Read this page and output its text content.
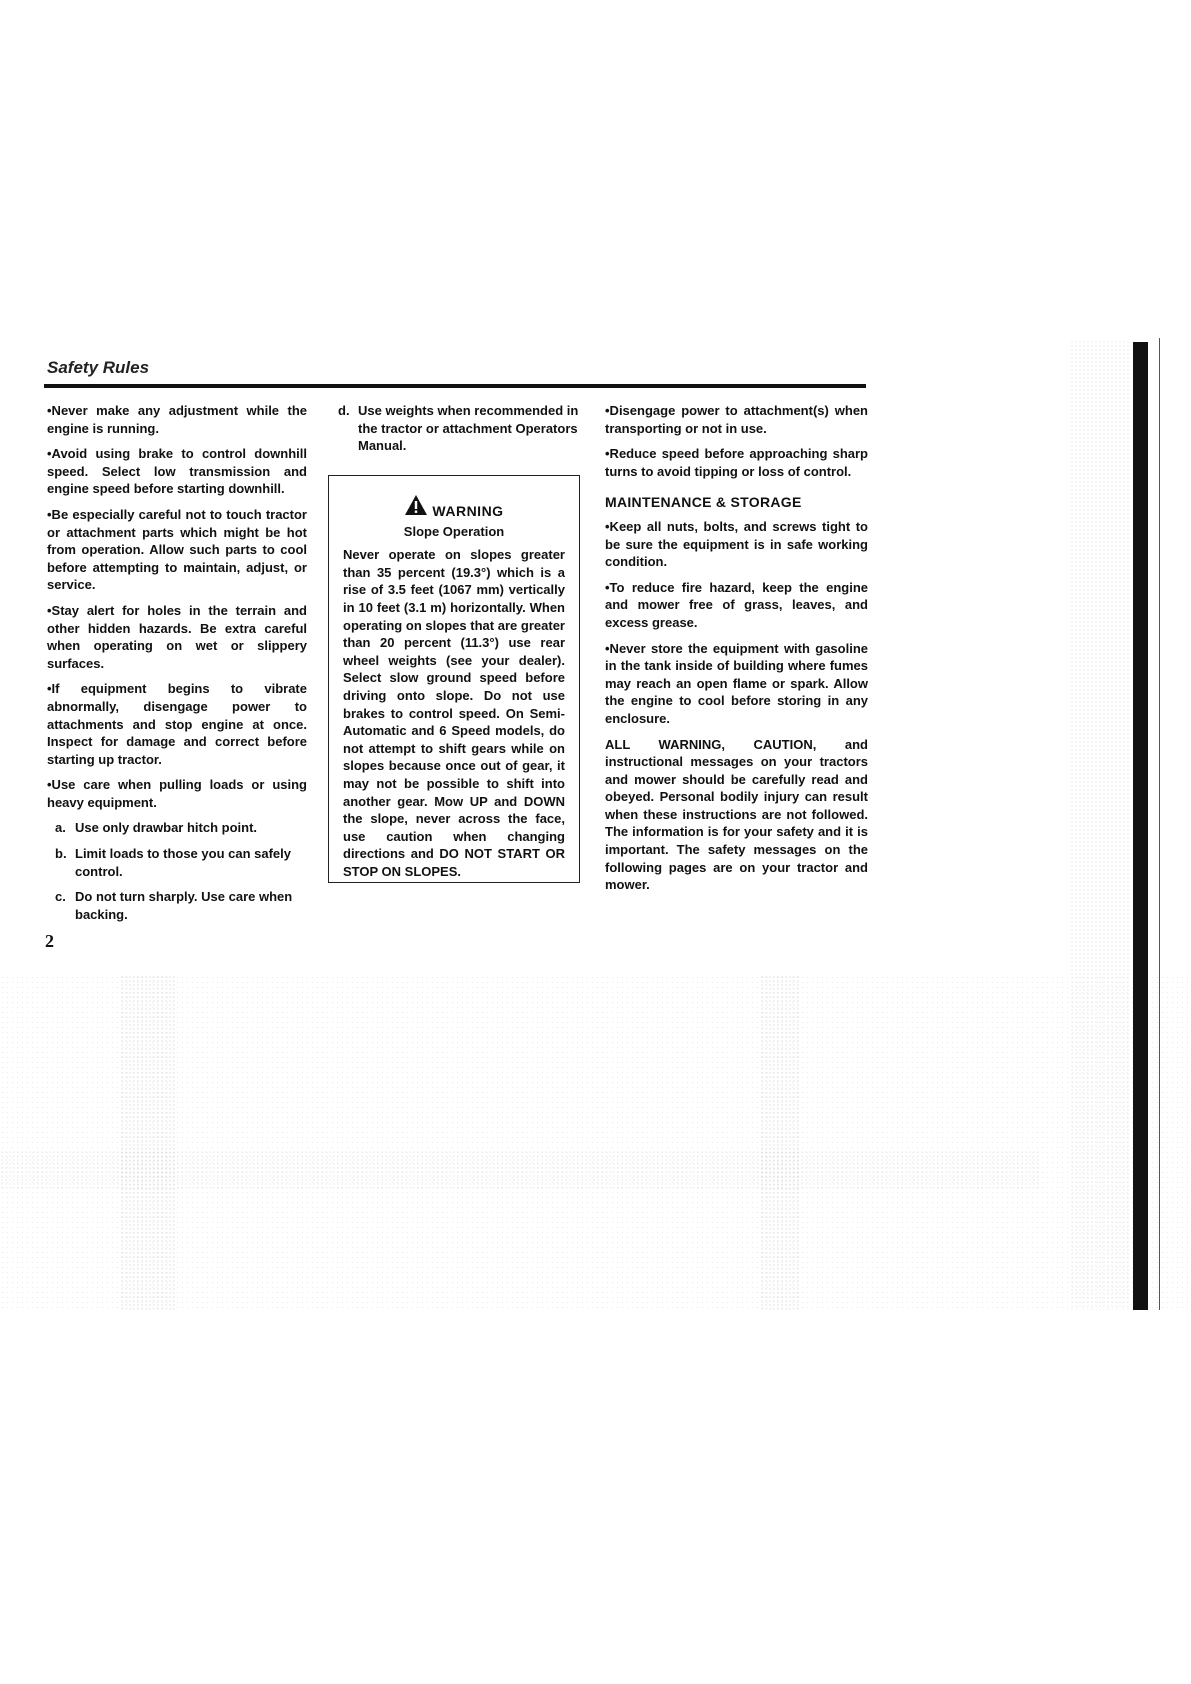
Safety Rules

•Never make any adjustment while the engine is running.

•Avoid using brake to control downhill speed. Select low transmission and engine speed before starting downhill.

•Be especially careful not to touch tractor or attachment parts which might be hot from operation. Allow such parts to cool before attempting to maintain, adjust, or service.

•Stay alert for holes in the terrain and other hidden hazards. Be extra careful when operating on wet or slippery surfaces.

•If equipment begins to vibrate abnormally, disengage power to attachments and stop engine at once. Inspect for damage and correct before starting up tractor.

•Use care when pulling loads or using heavy equipment.

a. Use only drawbar hitch point.
b. Limit loads to those you can safely control.
c. Do not turn sharply. Use care when backing.
d. Use weights when recommended in the tractor or attachment Operators Manual.
WARNING
Slope Operation
Never operate on slopes greater than 35 percent (19.3°) which is a rise of 3.5 feet (1067 mm) vertically in 10 feet (3.1 m) horizontally. When operating on slopes that are greater than 20 percent (11.3°) use rear wheel weights (see your dealer). Select slow ground speed before driving onto slope. Do not use brakes to control speed. On Semi-Automatic and 6 Speed models, do not attempt to shift gears while on slopes because once out of gear, it may not be possible to shift into another gear. Mow UP and DOWN the slope, never across the face, use caution when changing directions and DO NOT START OR STOP ON SLOPES.

•Disengage power to attachment(s) when transporting or not in use.

•Reduce speed before approaching sharp turns to avoid tipping or loss of control.

MAINTENANCE & STORAGE

•Keep all nuts, bolts, and screws tight to be sure the equipment is in safe working condition.

•To reduce fire hazard, keep the engine and mower free of grass, leaves, and excess grease.

•Never store the equipment with gasoline in the tank inside of building where fumes may reach an open flame or spark. Allow the engine to cool before storing in any enclosure.

ALL WARNING, CAUTION, and instructional messages on your tractors and mower should be carefully read and obeyed. Personal bodily injury can result when these instructions are not followed. The information is for your safety and it is important. The safety messages on the following pages are on your tractor and mower.

2
